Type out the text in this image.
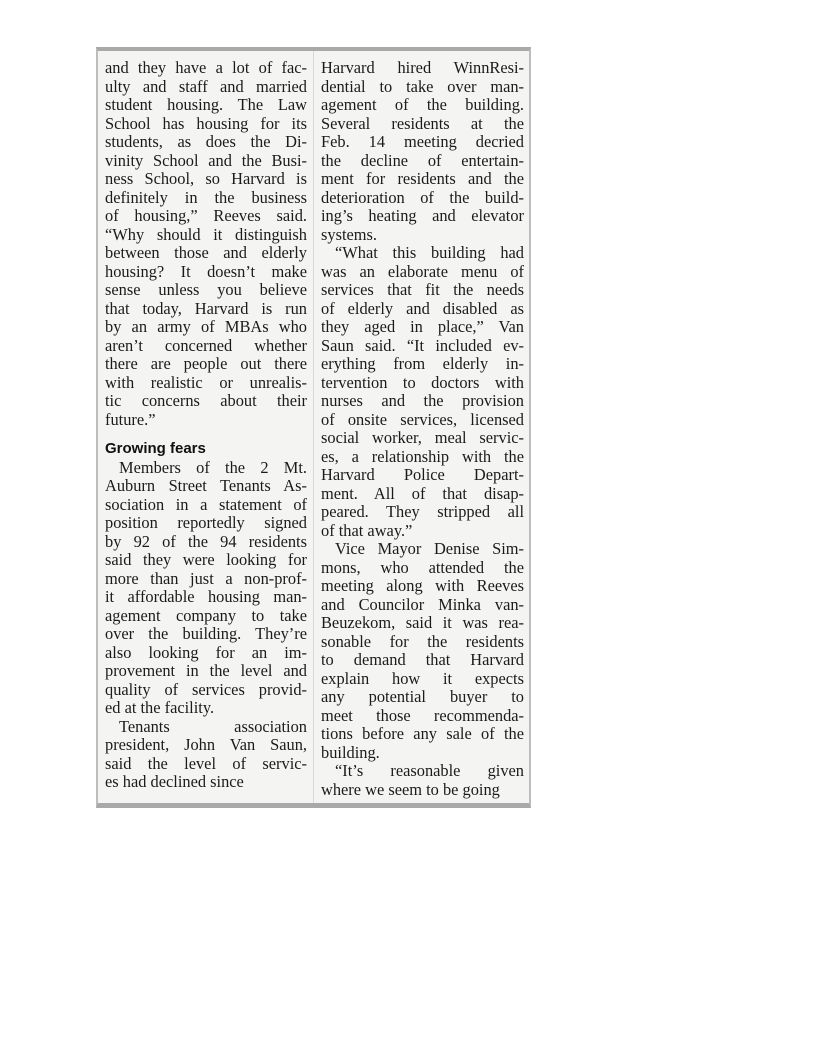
and they have a lot of fac-
ulty and staff and married
student housing. The Law
School has housing for its
students, as does the Di-
vinity School and the Busi-
ness School, so Harvard is
definitely in the business
of housing,” Reeves said.
“Why should it distinguish
between those and elderly
housing? It doesn’t make
sense unless you believe
that today, Harvard is run
by an army of MBAs who
aren’t concerned whether
there are people out there
with realistic or unrealis-
tic concerns about their
future.”
Growing fears
Members of the 2 Mt.
Auburn Street Tenants As-
sociation in a statement of
position reportedly signed
by 92 of the 94 residents
said they were looking for
more than just a non-prof-
it affordable housing man-
agement company to take
over the building. They’re
also looking for an im-
provement in the level and
quality of services provid-
ed at the facility.
Tenants association
president, John Van Saun,
said the level of servic-
es had declined since
Harvard hired WinnResi-
dential to take over man-
agement of the building.
Several residents at the
Feb. 14 meeting decried
the decline of entertain-
ment for residents and the
deterioration of the build-
ing’s heating and elevator
systems.
“What this building had
was an elaborate menu of
services that fit the needs
of elderly and disabled as
they aged in place,” Van
Saun said. “It included ev-
erything from elderly in-
tervention to doctors with
nurses and the provision
of onsite services, licensed
social worker, meal servic-
es, a relationship with the
Harvard Police Depart-
ment. All of that disap-
peared. They stripped all
of that away.”
Vice Mayor Denise Sim-
mons, who attended the
meeting along with Reeves
and Councilor Minka van-
Beuzekom, said it was rea-
sonable for the residents
to demand that Harvard
explain how it expects
any potential buyer to
meet those recommenda-
tions before any sale of the
building.
“It’s reasonable given
where we seem to be going
